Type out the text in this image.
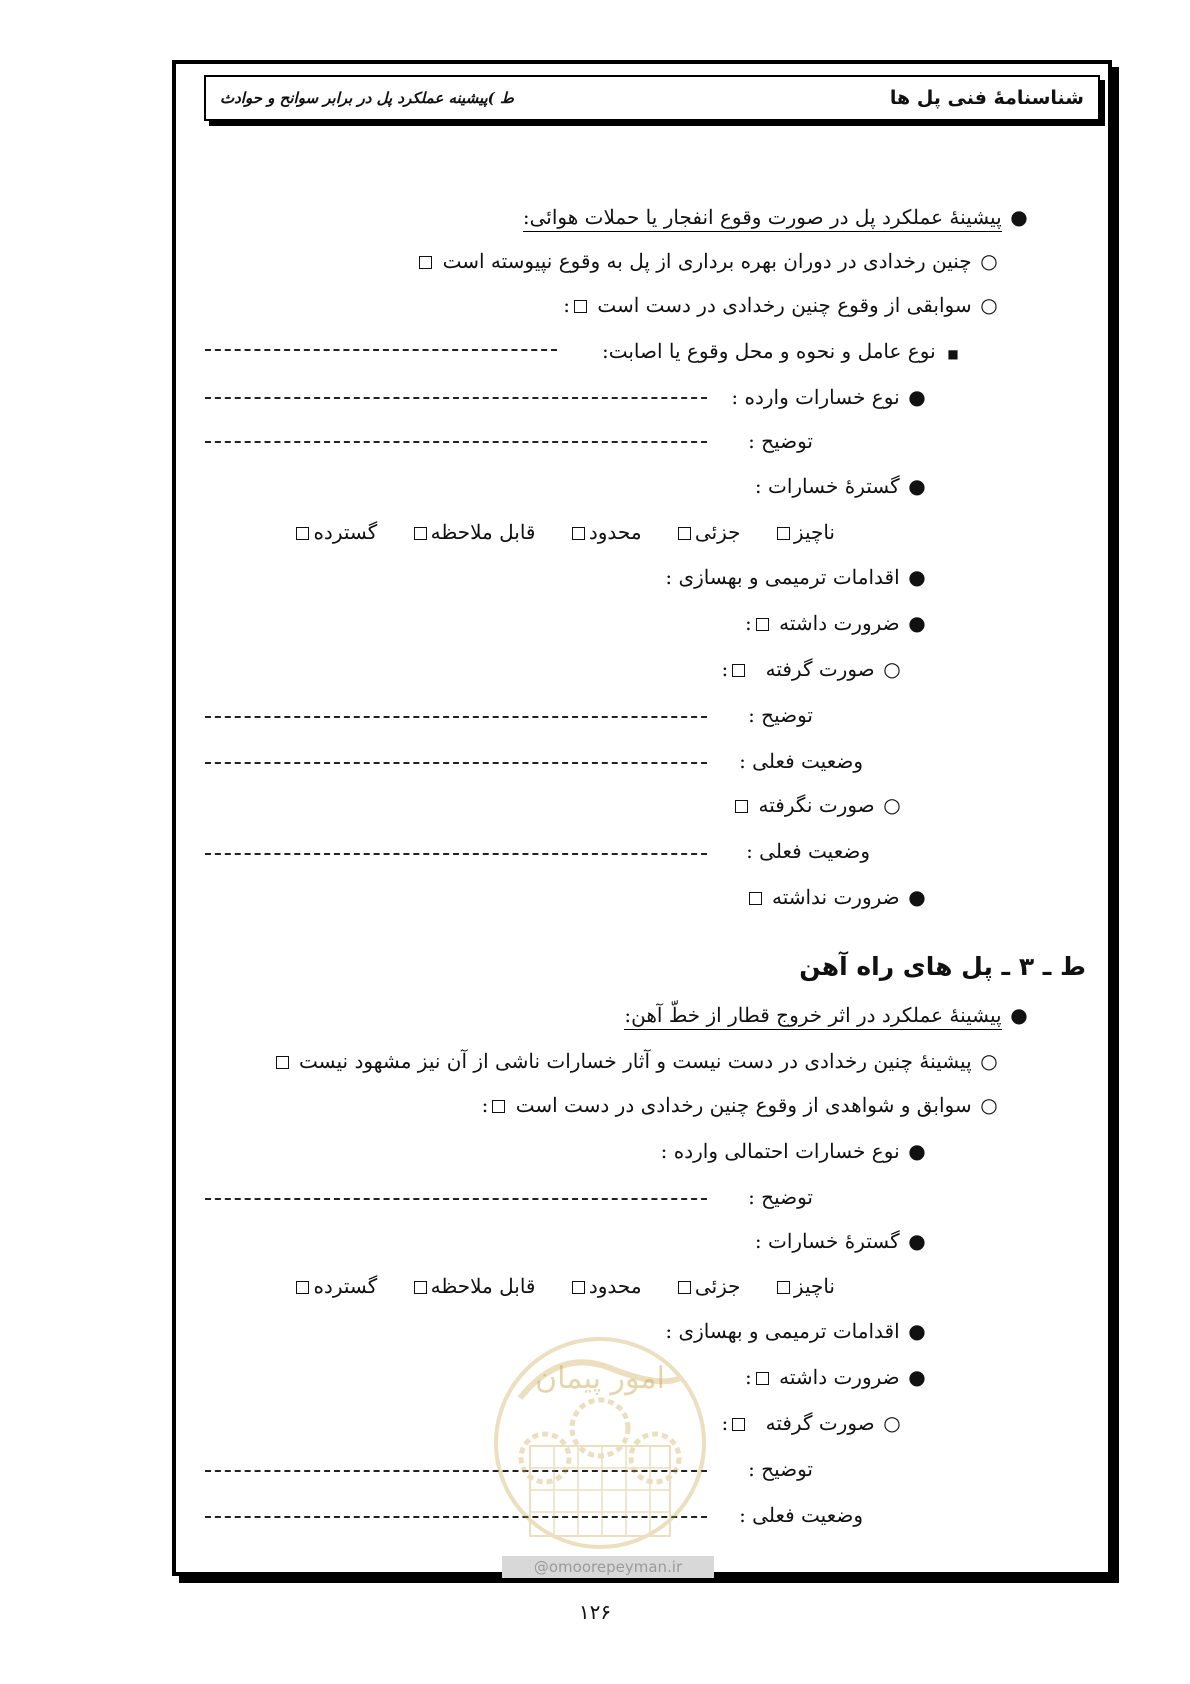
شناسنامهٔ فنی پل ها
ط )پیشینه عملکرد پل در برابر سوانح و حوادث
● پیشینهٔ عملکرد پل در صورت وقوع انفجار یا حملات هوائی:
○ چنین رخدادی در دوران بهره برداری از پل به وقوع نپیوسته است
○ سوابقی از وقوع چنین رخدادی در دست است :
■ نوع عامل و نحوه و محل وقوع یا اصابت:
● نوع خسارات وارده :
توضیح :
● گسترهٔ خسارات :
ناچیز جزئی محدود قابل ملاحظه گسترده
● اقدامات ترمیمی و بهسازی :
● ضرورت داشته :
○ صورت گرفته :
توضیح :
وضعیت فعلی :
○ صورت نگرفته
وضعیت فعلی :
● ضرورت نداشته
ط ـ ۳ ـ پل های راه آهن
● پیشینهٔ عملکرد در اثر خروج قطار از خطّ آهن:
○ پیشینهٔ چنین رخدادی در دست نیست و آثار خسارات ناشی از آن نیز مشهود نیست
○ سوابق و شواهدی از وقوع چنین رخدادی در دست است :
● نوع خسارات احتمالی وارده :
توضیح :
● گسترهٔ خسارات :
ناچیز جزئی محدود قابل ملاحظه گسترده
● اقدامات ترمیمی و بهسازی :
● ضرورت داشته :
○ صورت گرفته :
توضیح :
وضعیت فعلی :
امور پیمان
@omoorepeyman.ir
۱۲۶
